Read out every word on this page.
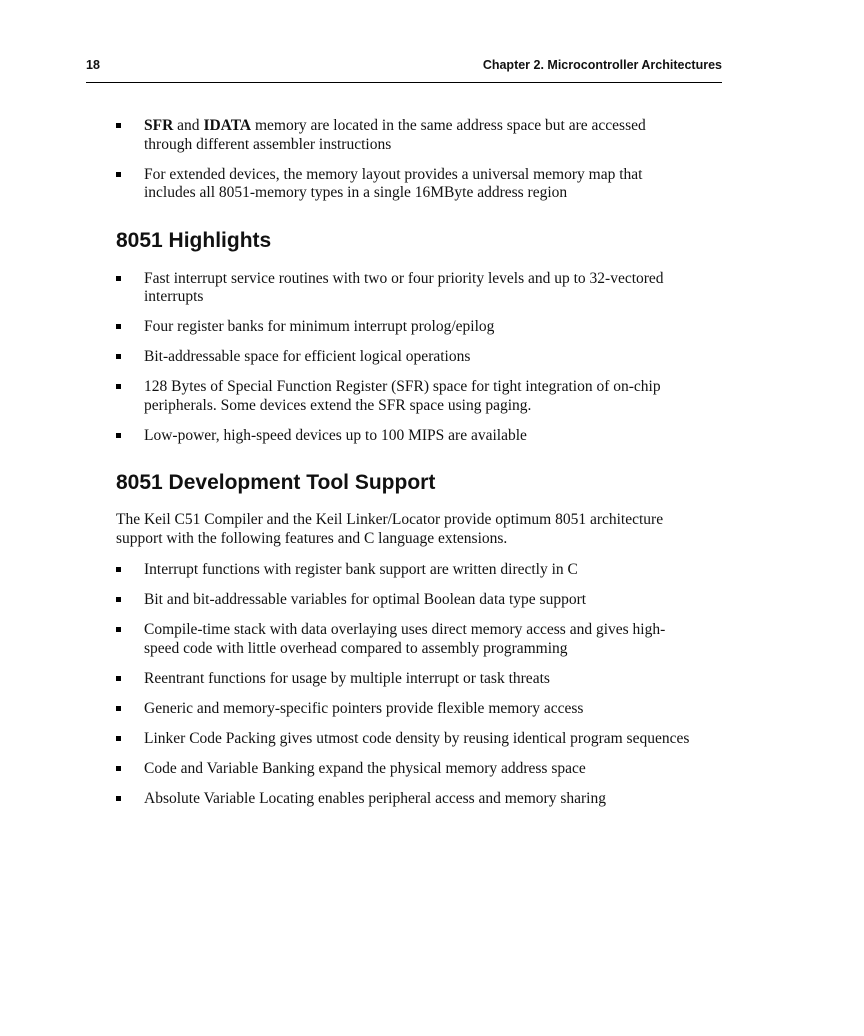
18	Chapter 2. Microcontroller Architectures
SFR and IDATA memory are located in the same address space but are accessed through different assembler instructions
For extended devices, the memory layout provides a universal memory map that includes all 8051-memory types in a single 16MByte address region
8051 Highlights
Fast interrupt service routines with two or four priority levels and up to 32-vectored interrupts
Four register banks for minimum interrupt prolog/epilog
Bit-addressable space for efficient logical operations
128 Bytes of Special Function Register (SFR) space for tight integration of on-chip peripherals. Some devices extend the SFR space using paging.
Low-power, high-speed devices up to 100 MIPS are available
8051 Development Tool Support

The Keil C51 Compiler and the Keil Linker/Locator provide optimum 8051 architecture support with the following features and C language extensions.

Interrupt functions with register bank support are written directly in C
Bit and bit-addressable variables for optimal Boolean data type support
Compile-time stack with data overlaying uses direct memory access and gives high-speed code with little overhead compared to assembly programming
Reentrant functions for usage by multiple interrupt or task threats
Generic and memory-specific pointers provide flexible memory access
Linker Code Packing gives utmost code density by reusing identical program sequences
Code and Variable Banking expand the physical memory address space
Absolute Variable Locating enables peripheral access and memory sharing
